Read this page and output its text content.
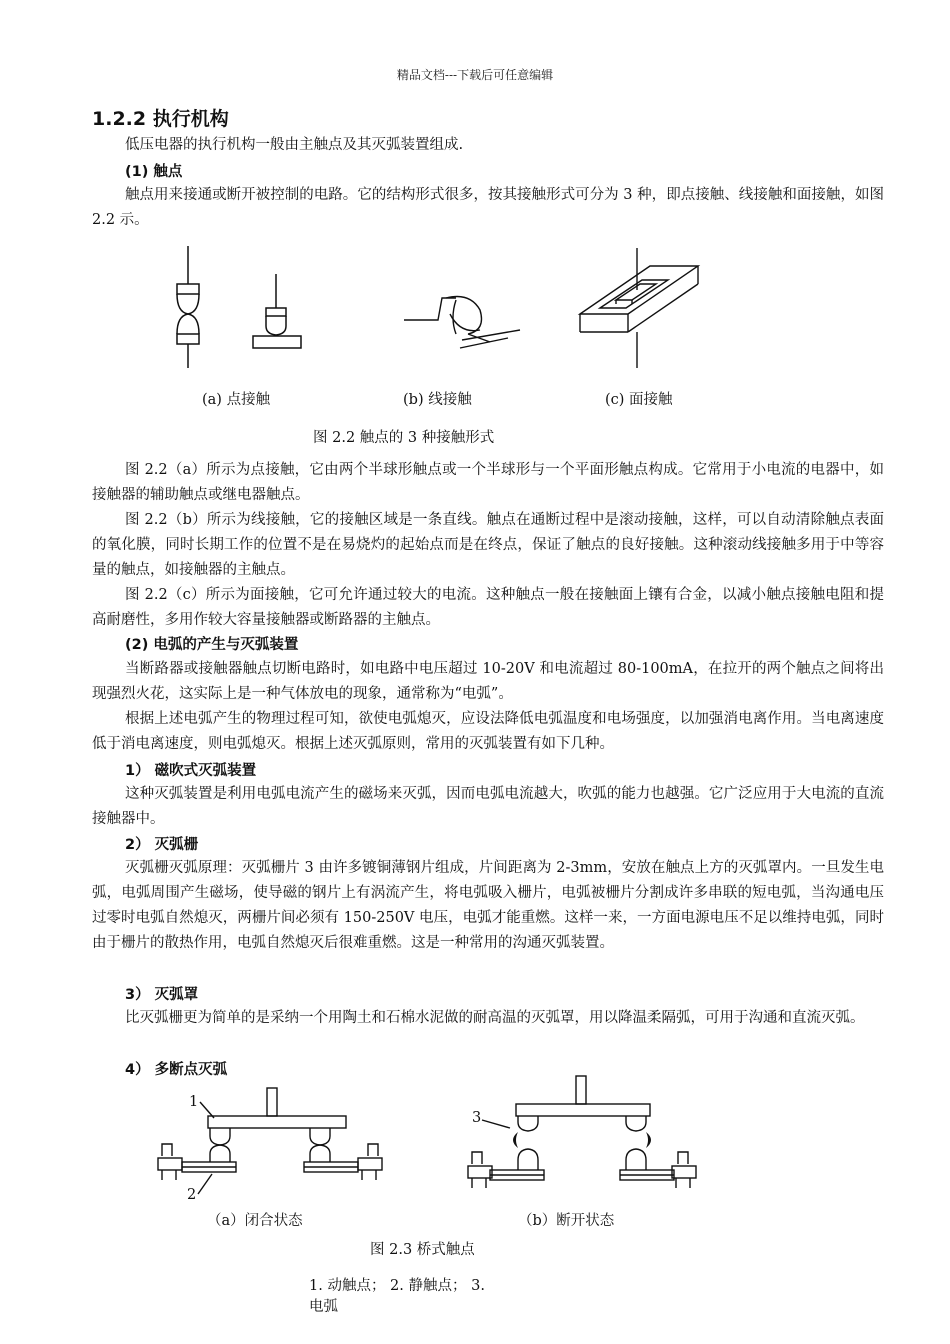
精品文档---下载后可任意编辑
1.2.2 执行机构
低压电器的执行机构一般由主触点及其灭弧装置组成.
(1) 触点
触点用来接通或断开被控制的电路。它的结构形式很多，按其接触形式可分为 3 种，即点接触、线接触和面接触，如图 2.2 示。
(a) 点接触	(b) 线接触	(c) 面接触
图 2.2 触点的 3 种接触形式
图 2.2（a）所示为点接触，它由两个半球形触点或一个半球形与一个平面形触点构成。它常用于小电流的电器中，如接触器的辅助触点或继电器触点。
图 2.2（b）所示为线接触，它的接触区域是一条直线。触点在通断过程中是滚动接触，这样，可以自动清除触点表面的氧化膜，同时长期工作的位置不是在易烧灼的起始点而是在终点，保证了触点的良好接触。这种滚动线接触多用于中等容量的触点，如接触器的主触点。
图 2.2（c）所示为面接触，它可允许通过较大的电流。这种触点一般在接触面上镶有合金，以减小触点接触电阻和提高耐磨性，多用作较大容量接触器或断路器的主触点。
(2) 电弧的产生与灭弧装置
当断路器或接触器触点切断电路时，如电路中电压超过 10-20V 和电流超过 80-100mA，在拉开的两个触点之间将出现强烈火花，这实际上是一种气体放电的现象，通常称为“电弧”。
根据上述电弧产生的物理过程可知，欲使电弧熄灭，应设法降低电弧温度和电场强度，以加强消电离作用。当电离速度低于消电离速度，则电弧熄灭。根据上述灭弧原则，常用的灭弧装置有如下几种。
1） 磁吹式灭弧装置
这种灭弧装置是利用电弧电流产生的磁场来灭弧，因而电弧电流越大，吹弧的能力也越强。它广泛应用于大电流的直流接触器中。
2） 灭弧栅
灭弧栅灭弧原理：灭弧栅片 3 由许多镀铜薄钢片组成，片间距离为 2-3mm，安放在触点上方的灭弧罩内。一旦发生电弧，电弧周围产生磁场，使导磁的钢片上有涡流产生，将电弧吸入栅片，电弧被栅片分割成许多串联的短电弧，当沟通电压过零时电弧自然熄灭，两栅片间必须有 150-250V 电压，电弧才能重燃。这样一来，一方面电源电压不足以维持电弧，同时由于栅片的散热作用，电弧自然熄灭后很难重燃。这是一种常用的沟通灭弧装置。
3） 灭弧罩
比灭弧栅更为简单的是采纳一个用陶土和石棉水泥做的耐高温的灭弧罩，用以降温柔隔弧，可用于沟通和直流灭弧。
4） 多断点灭弧
1
2
3
（a）闭合状态	（b）断开状态
图 2.3 桥式触点
1. 动触点； 2. 静触点； 3. 电弧
